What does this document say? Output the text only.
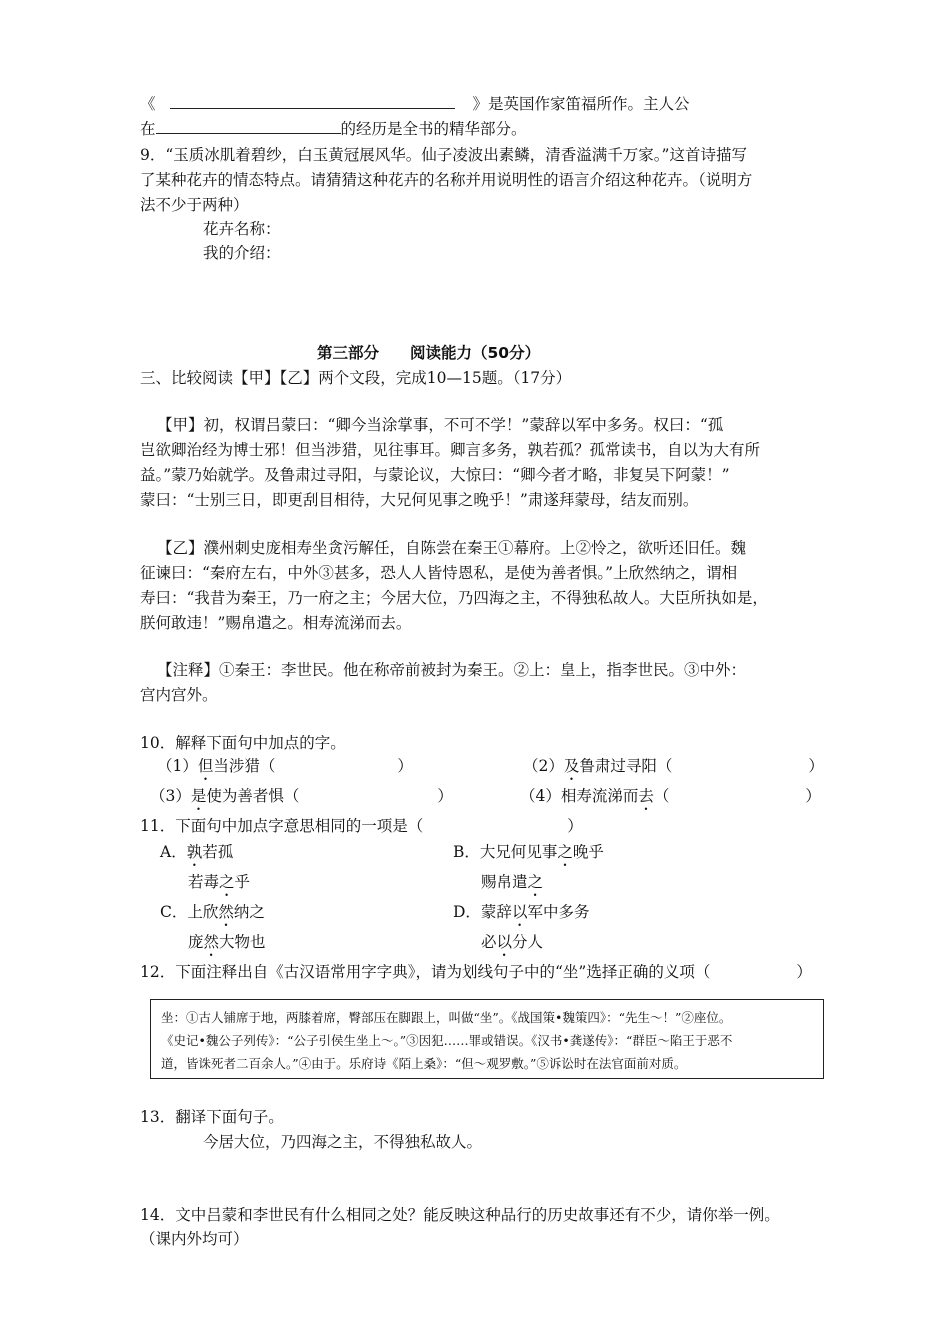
《	》是英国作家笛福所作。主人公
在	的经历是全书的精华部分。
9．“玉质冰肌着碧纱，白玉黄冠展风华。仙子凌波出素鳞，清香溢满千万家。”这首诗描写
了某种花卉的情态特点。请猜猜这种花卉的名称并用说明性的语言介绍这种花卉。（说明方
法不少于两种）
花卉名称：
我的介绍：
第三部分　　阅读能力（50分）
三、比较阅读【甲】【乙】两个文段，完成10—15题。（17分）
【甲】初，权谓吕蒙曰：“卿今当涂掌事，不可不学！”蒙辞以军中多务。权曰：“孤
岂欲卿治经为博士邪！但当涉猎，见往事耳。卿言多务，孰若孤？孤常读书，自以为大有所
益。”蒙乃始就学。及鲁肃过寻阳，与蒙论议，大惊曰：“卿今者才略，非复吴下阿蒙！”
蒙曰：“士别三日，即更刮目相待，大兄何见事之晚乎！”肃遂拜蒙母，结友而别。
【乙】濮州刺史庞相寿坐贪污解任，自陈尝在秦王①幕府。上②怜之，欲听还旧任。魏
征谏曰：“秦府左右，中外③甚多，恐人人皆恃恩私，是使为善者惧。”上欣然纳之，谓相
寿曰：“我昔为秦王，乃一府之主；今居大位，乃四海之主，不得独私故人。大臣所执如是，
朕何敢违！”赐帛遣之。相寿流涕而去。
【注释】①秦王：李世民。他在称帝前被封为秦王。②上：皇上，指李世民。③中外：
宫内宫外。
10．解释下面句中加点的字。
（1）但当涉猎（	）	（2）及鲁肃过寻阳（	）
（3）是使为善者惧（	）	（4）相寿流涕而去（	）
11．下面句中加点字意思相同的一项是（	）
A．孰若孤	B．大兄何见事之晚乎
若毒之乎	赐帛遣之
C．上欣然纳之	D．蒙辞以军中多务
庞然大物也	必以分人
12．下面注释出自《古汉语常用字字典》，请为划线句子中的“坐”选择正确的义项（	）
坐：①古人铺席于地，两膝着席，臀部压在脚跟上，叫做“坐”。《战国策•魏策四》：“先生～！”②座位。
《史记•魏公子列传》：“公子引侯生坐上～。”③因犯……罪或错误。《汉书•龚遂传》：“群臣～陷王于恶不
道，皆诛死者二百余人。”④由于。乐府诗《陌上桑》：“但～观罗敷。”⑤诉讼时在法官面前对质。
13．翻译下面句子。
今居大位，乃四海之主，不得独私故人。
14．文中吕蒙和李世民有什么相同之处？能反映这种品行的历史故事还有不少，请你举一例。
（课内外均可）
